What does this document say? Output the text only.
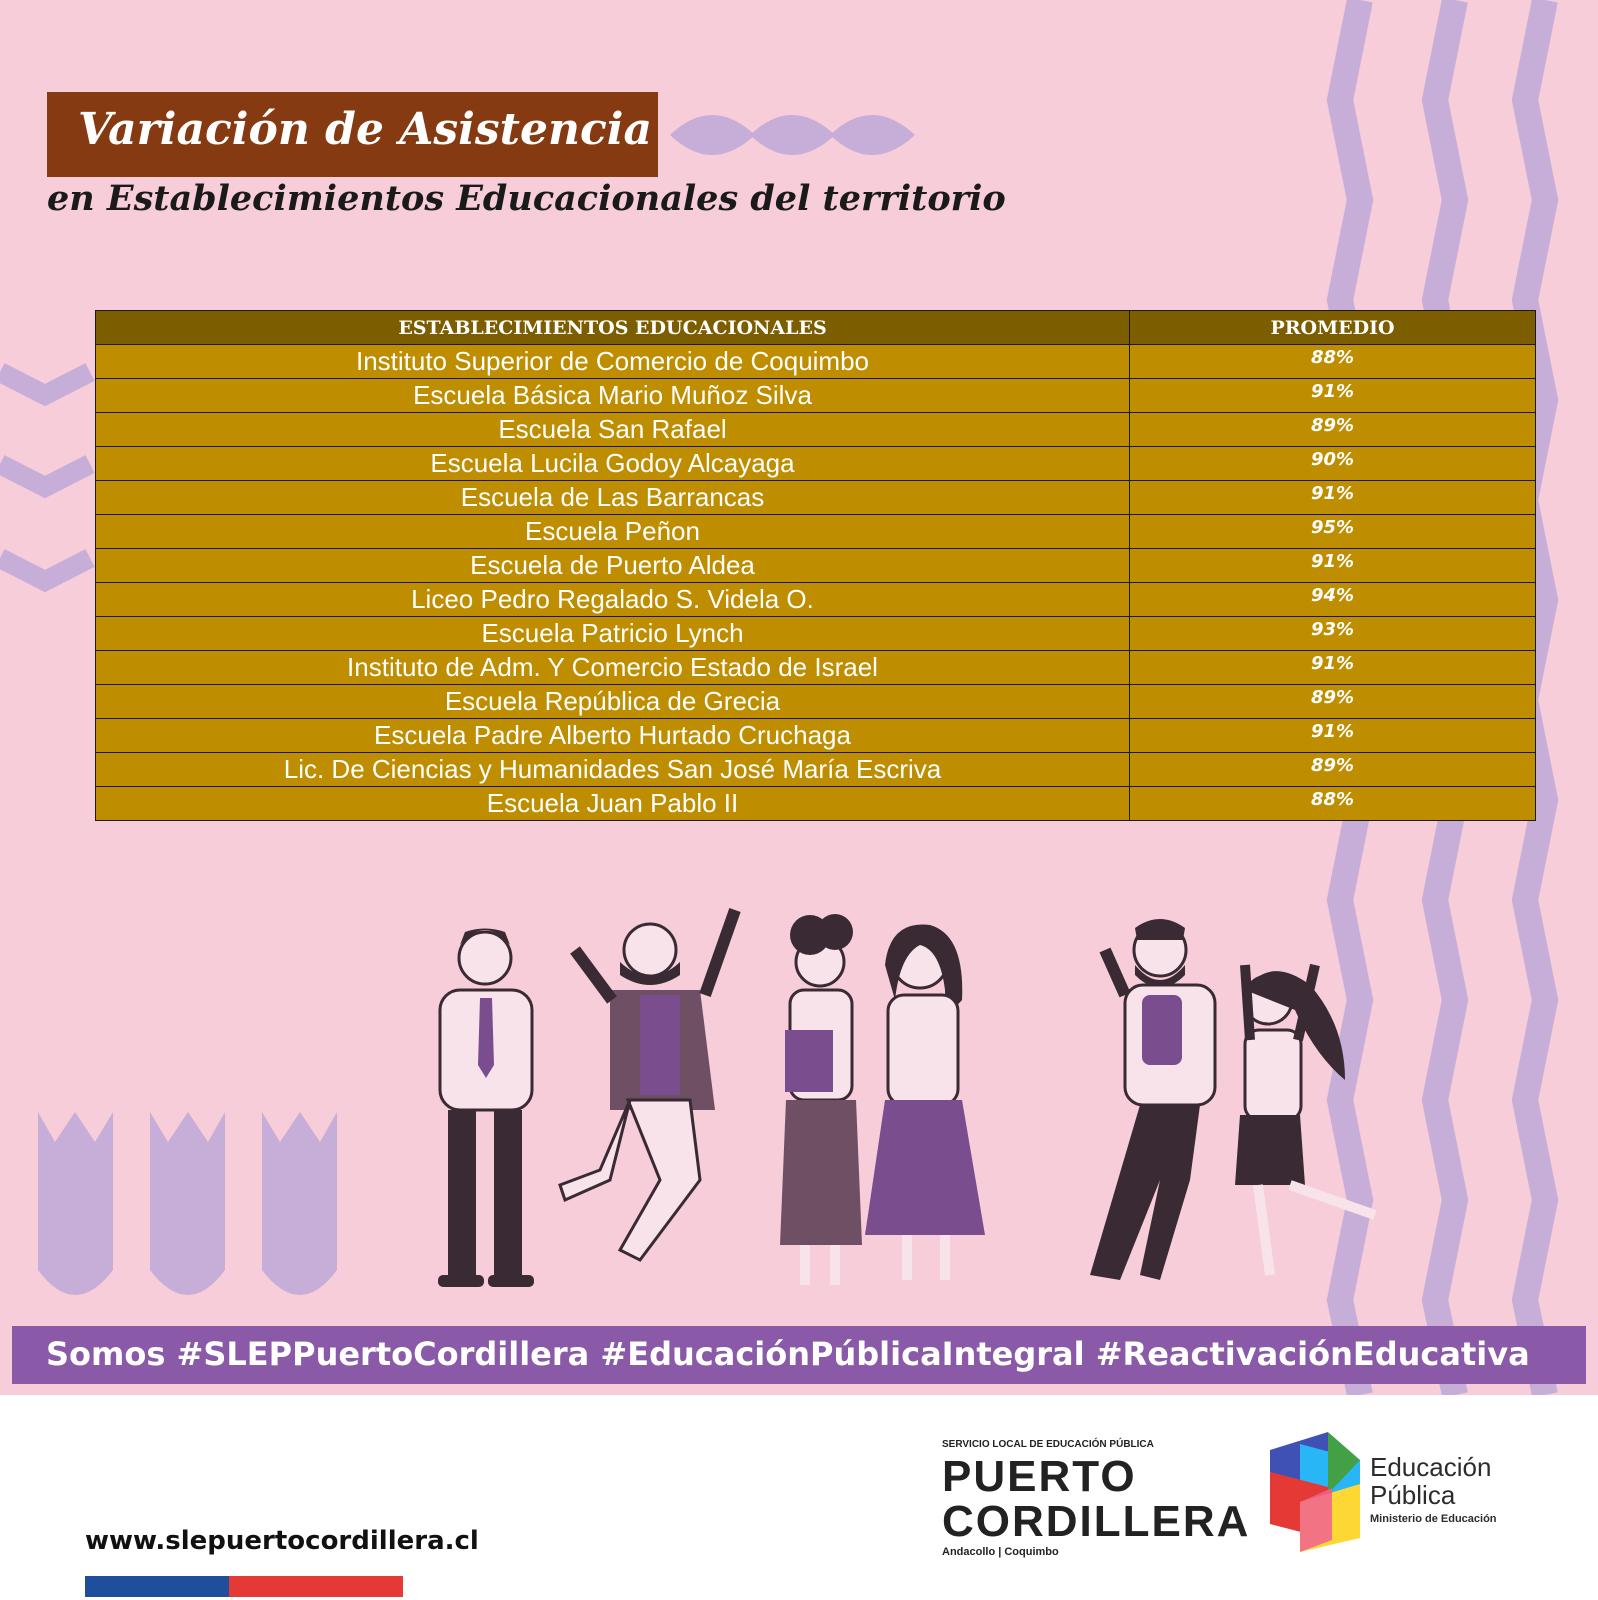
Variación de Asistencia
en Establecimientos Educacionales del territorio
ESTABLECIMIENTOS EDUCACIONALES	PROMEDIO
Instituto Superior de Comercio de Coquimbo	88%
Escuela Básica Mario Muñoz Silva	91%
Escuela San Rafael	89%
Escuela Lucila Godoy Alcayaga	90%
Escuela de Las Barrancas	91%
Escuela Peñon	95%
Escuela de Puerto Aldea	91%
Liceo Pedro Regalado S. Videla O.	94%
Escuela Patricio Lynch	93%
Instituto de Adm. Y Comercio Estado de Israel	91%
Escuela República de Grecia	89%
Escuela Padre Alberto Hurtado Cruchaga	91%
Lic. De Ciencias y Humanidades San José María Escriva	89%
Escuela Juan Pablo II	88%
Somos #SLEPPuertoCordillera #EducaciónPúblicaIntegral #ReactivaciónEducativa
www.slepuertocordillera.cl
SERVICIO LOCAL DE EDUCACIÓN PÚBLICA
PUERTO
CORDILLERA
Andacollo | Coquimbo
Educación
Pública
Ministerio de Educación
